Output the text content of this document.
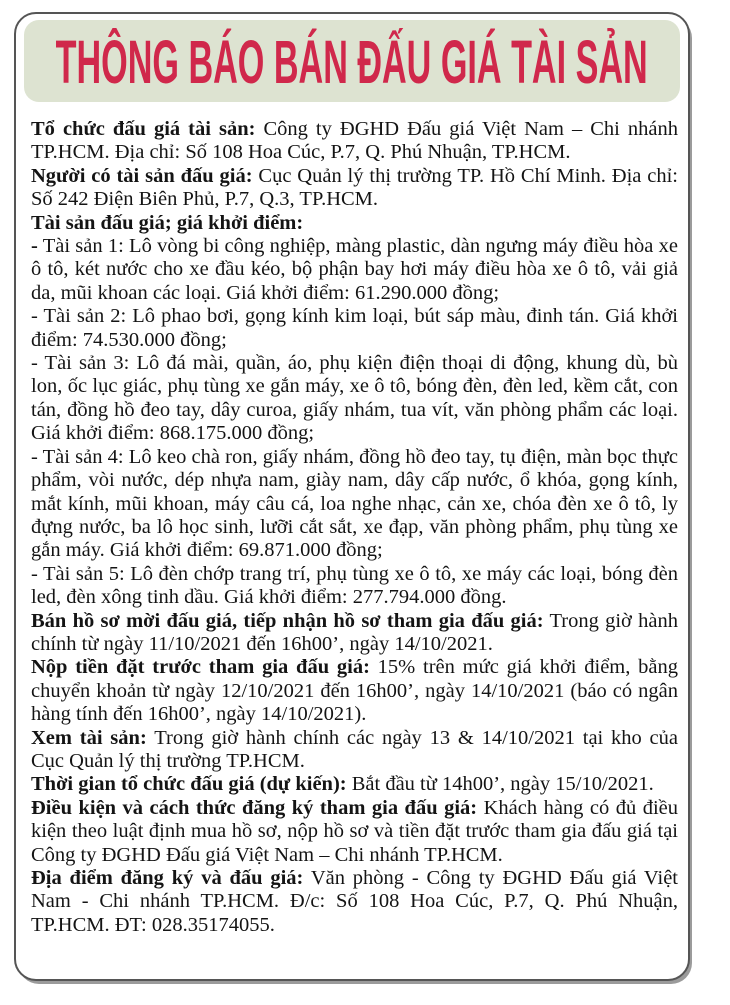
THÔNG BÁO BÁN ĐẤU GIÁ TÀI SẢN

Tổ chức đấu giá tài sản: Công ty ĐGHD Đấu giá Việt Nam – Chi nhánh TP.HCM. Địa chỉ: Số 108 Hoa Cúc, P.7, Q. Phú Nhuận, TP.HCM.

Người có tài sản đấu giá: Cục Quản lý thị trường TP. Hồ Chí Minh. Địa chỉ: Số 242 Điện Biên Phủ, P.7, Q.3, TP.HCM.

Tài sản đấu giá; giá khởi điểm:

- Tài sản 1: Lô vòng bi công nghiệp, màng plastic, dàn ngưng máy điều hòa xe ô tô, két nước cho xe đầu kéo, bộ phận bay hơi máy điều hòa xe ô tô, vải giả da, mũi khoan các loại. Giá khởi điểm: 61.290.000 đồng;

- Tài sản 2: Lô phao bơi, gọng kính kim loại, bút sáp màu, đinh tán. Giá khởi điểm: 74.530.000 đồng;

- Tài sản 3: Lô đá mài, quần, áo, phụ kiện điện thoại di động, khung dù, bù lon, ốc lục giác, phụ tùng xe gắn máy, xe ô tô, bóng đèn, đèn led, kềm cắt, con tán, đồng hồ đeo tay, dây curoa, giấy nhám, tua vít, văn phòng phẩm các loại. Giá khởi điểm: 868.175.000 đồng;

- Tài sản 4: Lô keo chà ron, giấy nhám, đồng hồ đeo tay, tụ điện, màn bọc thực phẩm, vòi nước, dép nhựa nam, giày nam, dây cấp nước, ổ khóa, gọng kính, mắt kính, mũi khoan, máy câu cá, loa nghe nhạc, cản xe, chóa đèn xe ô tô, ly đựng nước, ba lô học sinh, lưỡi cắt sắt, xe đạp, văn phòng phẩm, phụ tùng xe gắn máy. Giá khởi điểm: 69.871.000 đồng;

- Tài sản 5: Lô đèn chớp trang trí, phụ tùng xe ô tô, xe máy các loại, bóng đèn led, đèn xông tinh dầu. Giá khởi điểm: 277.794.000 đồng.

Bán hồ sơ mời đấu giá, tiếp nhận hồ sơ tham gia đấu giá: Trong giờ hành chính từ ngày 11/10/2021 đến 16h00’, ngày 14/10/2021.

Nộp tiền đặt trước tham gia đấu giá: 15% trên mức giá khởi điểm, bằng chuyển khoản từ ngày 12/10/2021 đến 16h00’, ngày 14/10/2021 (báo có ngân hàng tính đến 16h00’, ngày 14/10/2021).

Xem tài sản: Trong giờ hành chính các ngày 13 & 14/10/2021 tại kho của Cục Quản lý thị trường TP.HCM.

Thời gian tổ chức đấu giá (dự kiến): Bắt đầu từ 14h00’, ngày 15/10/2021.

Điều kiện và cách thức đăng ký tham gia đấu giá: Khách hàng có đủ điều kiện theo luật định mua hồ sơ, nộp hồ sơ và tiền đặt trước tham gia đấu giá tại Công ty ĐGHD Đấu giá Việt Nam – Chi nhánh TP.HCM.

Địa điểm đăng ký và đấu giá: Văn phòng - Công ty ĐGHD Đấu giá Việt Nam - Chi nhánh TP.HCM. Đ/c: Số 108 Hoa Cúc, P.7, Q. Phú Nhuận, TP.HCM. ĐT: 028.35174055.
